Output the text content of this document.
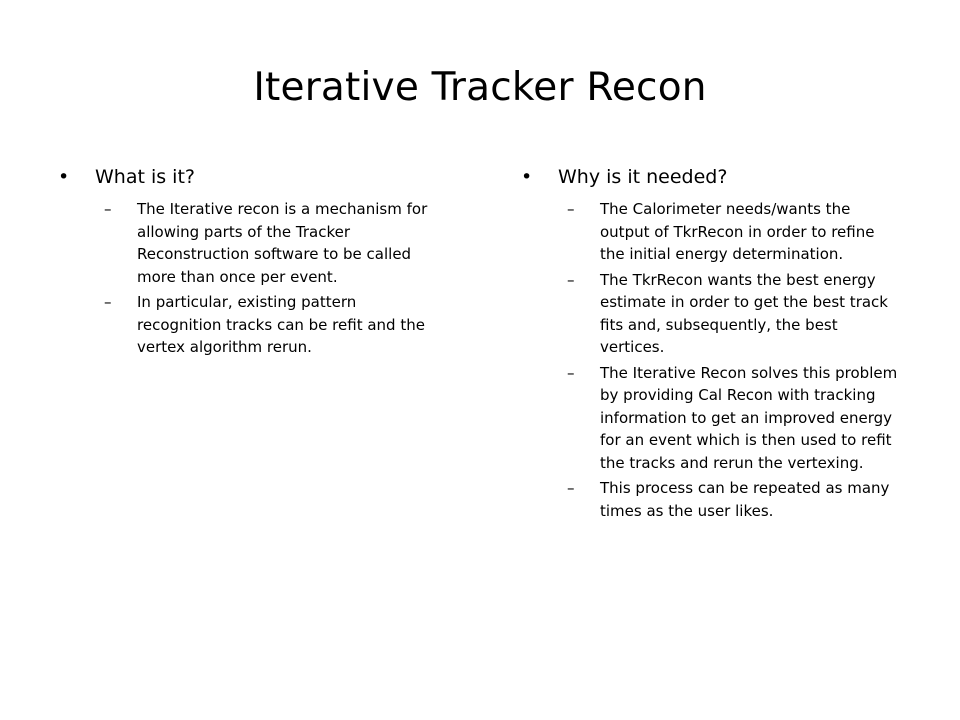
Iterative Tracker Recon
• What is it?
– The Iterative recon is a mechanism for allowing parts of the Tracker Reconstruction software to be called more than once per event.
– In particular, existing pattern recognition tracks can be refit and the vertex algorithm rerun.
• Why is it needed?
– The Calorimeter needs/wants the output of TkrRecon in order to refine the initial energy determination.
– The TkrRecon wants the best energy estimate in order to get the best track fits and, subsequently, the best vertices.
– The Iterative Recon solves this problem by providing Cal Recon with tracking information to get an improved energy for an event which is then used to refit the tracks and rerun the vertexing.
– This process can be repeated as many times as the user likes.
